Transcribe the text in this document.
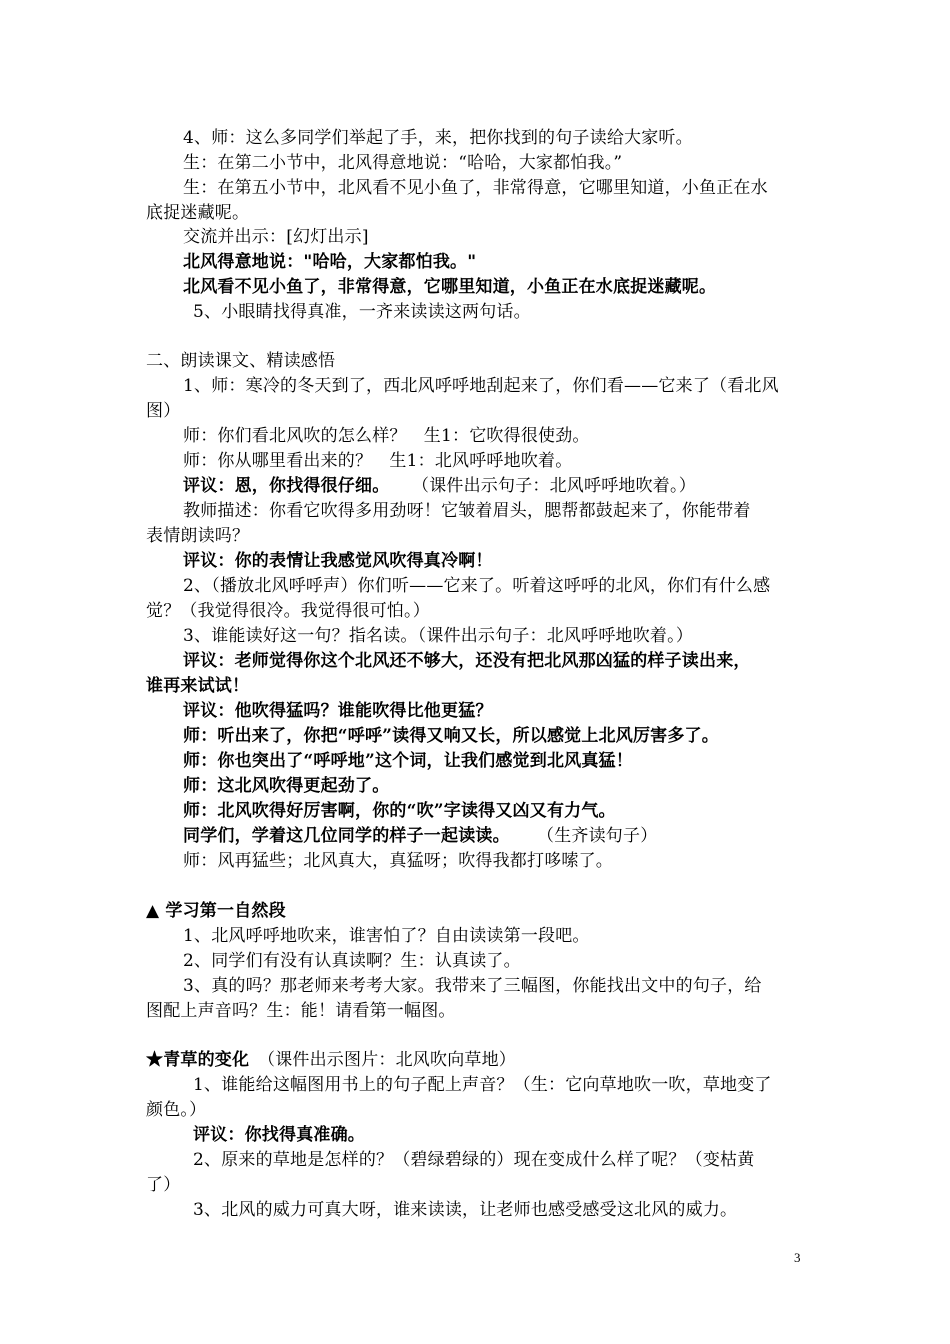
4、师：这么多同学们举起了手，来，把你找到的句子读给大家听。
生：在第二小节中，北风得意地说：“哈哈，大家都怕我。”
生：在第五小节中，北风看不见小鱼了，非常得意，它哪里知道，小鱼正在水
底捉迷藏呢。
交流并出示：[幻灯出示]
北风得意地说："哈哈，大家都怕我。"
北风看不见小鱼了，非常得意，它哪里知道，小鱼正在水底捉迷藏呢。
5、小眼睛找得真准，一齐来读读这两句话。
二、朗读课文、精读感悟
1、师：寒冷的冬天到了，西北风呼呼地刮起来了，你们看——它来了（看北风
图）
师：你们看北风吹的怎么样？　生1：它吹得很使劲。
师：你从哪里看出来的？　生1：北风呼呼地吹着。
评议：恩，你找得很仔细。 （课件出示句子：北风呼呼地吹着。）
教师描述：你看它吹得多用劲呀！它皱着眉头，腮帮都鼓起来了，你能带着
表情朗读吗？
评议：你的表情让我感觉风吹得真冷啊！
2、（播放北风呼呼声）你们听——它来了。听着这呼呼的北风，你们有什么感
觉？（我觉得很冷。我觉得很可怕。）
3、谁能读好这一句？指名读。（课件出示句子：北风呼呼地吹着。）
评议：老师觉得你这个北风还不够大，还没有把北风那凶猛的样子读出来，
谁再来试试！
评议：他吹得猛吗？谁能吹得比他更猛？
师：听出来了，你把“呼呼”读得又响又长，所以感觉上北风厉害多了。
师：你也突出了“呼呼地”这个词，让我们感觉到北风真猛！
师：这北风吹得更起劲了。
师：北风吹得好厉害啊，你的“吹”字读得又凶又有力气。
同学们，学着这几位同学的样子一起读读。 （生齐读句子）
师：风再猛些；北风真大，真猛呀；吹得我都打哆嗦了。
▲ 学习第一自然段
1、北风呼呼地吹来，谁害怕了？自由读读第一段吧。
2、同学们有没有认真读啊？生：认真读了。
3、真的吗？那老师来考考大家。我带来了三幅图，你能找出文中的句子，给
图配上声音吗？生：能！请看第一幅图。
★青草的变化 （课件出示图片：北风吹向草地）
1、谁能给这幅图用书上的句子配上声音？（生：它向草地吹一吹，草地变了
颜色。）
评议：你找得真准确。
2、原来的草地是怎样的？（碧绿碧绿的）现在变成什么样了呢？（变枯黄
了）
3、北风的威力可真大呀，谁来读读，让老师也感受感受这北风的威力。
3
